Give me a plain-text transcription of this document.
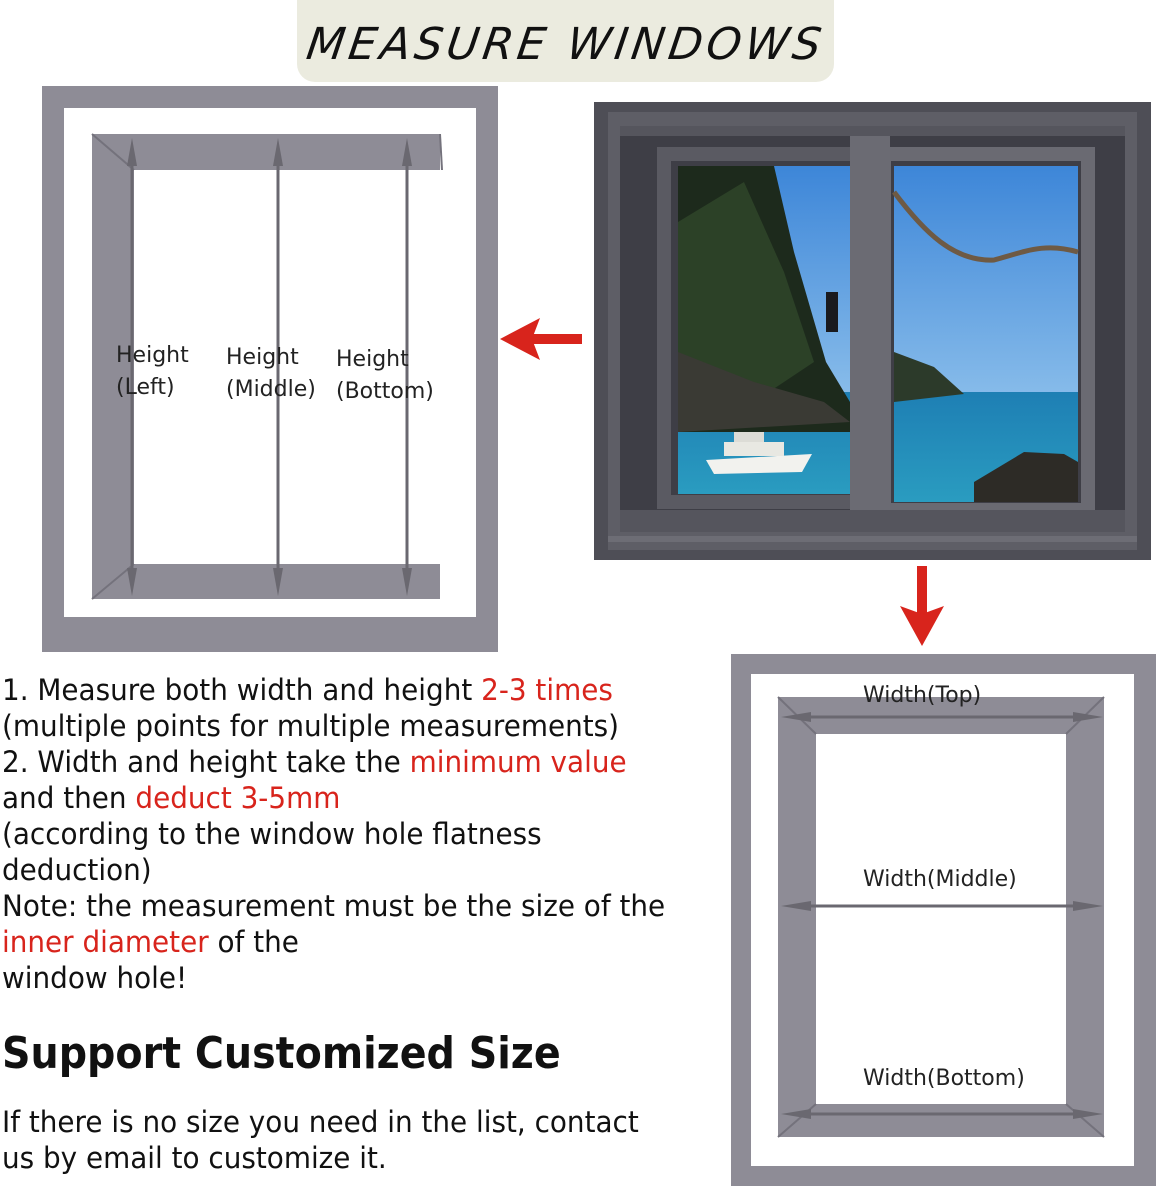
MEASURE WINDOWS
Height
(Left)
Height
(Middle)
Height
(Bottom)
Width(Top)
Width(Middle)
Width(Bottom)
1. Measure both width and height 2-3 times
(multiple points for multiple measurements)
2. Width and height take the minimum value
and then deduct 3-5mm
(according to the window hole flatness
deduction)
Note: the measurement must be the size of the
inner diameter of the
window hole!
Support Customized Size
If there is no size you need in the list, contact
us by email to customize it.
